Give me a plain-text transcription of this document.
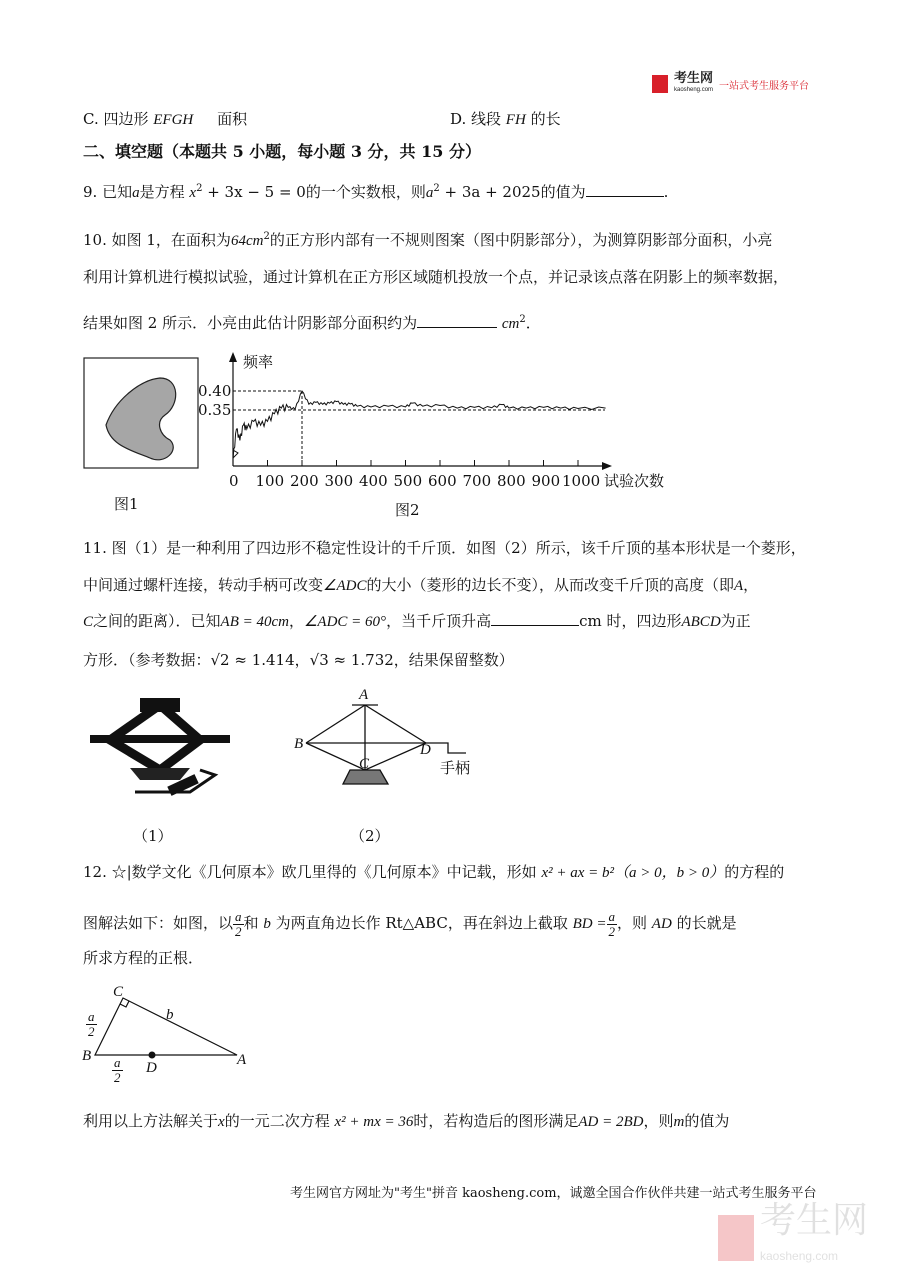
考生网
kaosheng.com 一站式考生服务平台
C. 四边形 EFGH 面积	D. 线段 FH 的长
二、填空题（本题共 5 小题，每小题 3 分，共 15 分）
9. 已知a是方程 $x^2 + 3x - 5 = 0$的一个实数根，则$a^2 + 3a + 2025$的值为	.
10. 如图 1，在面积为$64cm^2$的正方形内部有一不规则图案（图中阴影部分），为测算阴影部分面积，小亮
利用计算机进行模拟试验，通过计算机在正方形区域随机投放一个点，并记录该点落在阴影上的频率数据，
结果如图 2 所示．小亮由此估计阴影部分面积约为	$cm^2$．
图1	图2
频率
试验次数
0.40
0.35
0 100 200 300 400 500 600 700 800 900 1000
11. 图（1）是一种利用了四边形不稳定性设计的千斤顶．如图（2）所示，该千斤顶的基本形状是一个菱形，
中间通过螺杆连接，转动手柄可改变∠ADC的大小（菱形的边长不变），从而改变千斤顶的高度（即A，
C之间的距离）．已知AB = 40cm，∠ADC = 60°，当千斤顶升高	cm 时，四边形ABCD为正
方形．（参考数据：√2 ≈ 1.414，√3 ≈ 1.732，结果保留整数）
A
B
C
D
手柄
（1）	（2）
12. ☆|数学文化《几何原本》欧几里得的《几何原本》中记载，形如 x² + ax = b²（a > 0，b > 0）的方程的
图解法如下：如图，以 $\frac{a}{2}$ 和 b 为两直角边长作 Rt△ABC，再在斜边上截取 BD = $\frac{a}{2}$ ，则 AD 的长就是
所求方程的正根．
C
B	A
D
b
$\frac{a}{2}$
$\frac{a}{2}$
利用以上方法解关于x的一元二次方程 x² + mx = 36时，若构造后的图形满足AD = 2BD，则m的值为
考生网官方网址为"考生"拼音 kaosheng.com，诚邀全国合作伙伴共建一站式考生服务平台
考生网
kaosheng.com
